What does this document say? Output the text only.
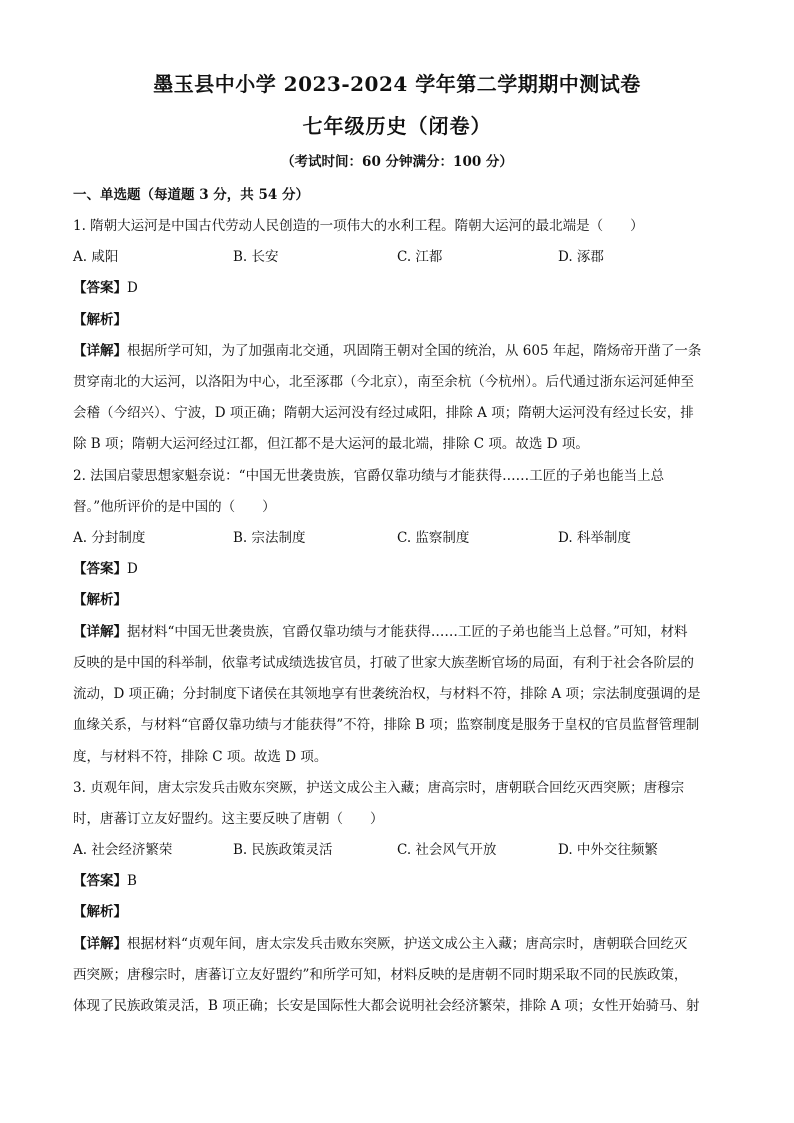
墨玉县中小学 2023-2024 学年第二学期期中测试卷
七年级历史（闭卷）
（考试时间：60 分钟满分：100 分）
一、单选题（每道题 3 分，共 54 分）
1. 隋朝大运河是中国古代劳动人民创造的一项伟大的水利工程。隋朝大运河的最北端是（　　）
A. 咸阳	B. 长安	C. 江都	D. 涿郡
【答案】D
【解析】
【详解】根据所学可知，为了加强南北交通，巩固隋王朝对全国的统治，从 605 年起，隋炀帝开凿了一条
贯穿南北的大运河，以洛阳为中心，北至涿郡（今北京），南至余杭（今杭州）。后代通过浙东运河延伸至
会稽（今绍兴）、宁波，D 项正确；隋朝大运河没有经过咸阳，排除 A 项；隋朝大运河没有经过长安，排
除 B 项；隋朝大运河经过江都，但江都不是大运河的最北端，排除 C 项。故选 D 项。
2. 法国启蒙思想家魁奈说：“中国无世袭贵族，官爵仅靠功绩与才能获得……工匠的子弟也能当上总
督。”他所评价的是中国的（　　）
A. 分封制度	B. 宗法制度	C. 监察制度	D. 科举制度
【答案】D
【解析】
【详解】据材料“中国无世袭贵族，官爵仅靠功绩与才能获得……工匠的子弟也能当上总督。”可知，材料
反映的是中国的科举制，依靠考试成绩选拔官员，打破了世家大族垄断官场的局面，有利于社会各阶层的
流动，D 项正确；分封制度下诸侯在其领地享有世袭统治权，与材料不符，排除 A 项；宗法制度强调的是
血缘关系，与材料“官爵仅靠功绩与才能获得”不符，排除 B 项；监察制度是服务于皇权的官员监督管理制
度，与材料不符，排除 C 项。故选 D 项。
3. 贞观年间，唐太宗发兵击败东突厥，护送文成公主入藏；唐高宗时，唐朝联合回纥灭西突厥；唐穆宗
时，唐蕃订立友好盟约。这主要反映了唐朝（　　）
A. 社会经济繁荣	B. 民族政策灵活	C. 社会风气开放	D. 中外交往频繁
【答案】B
【解析】
【详解】根据材料“贞观年间，唐太宗发兵击败东突厥，护送文成公主入藏；唐高宗时，唐朝联合回纥灭
西突厥；唐穆宗时，唐蕃订立友好盟约”和所学可知，材料反映的是唐朝不同时期采取不同的民族政策，
体现了民族政策灵活，B 项正确；长安是国际性大都会说明社会经济繁荣，排除 A 项；女性开始骑马、射
